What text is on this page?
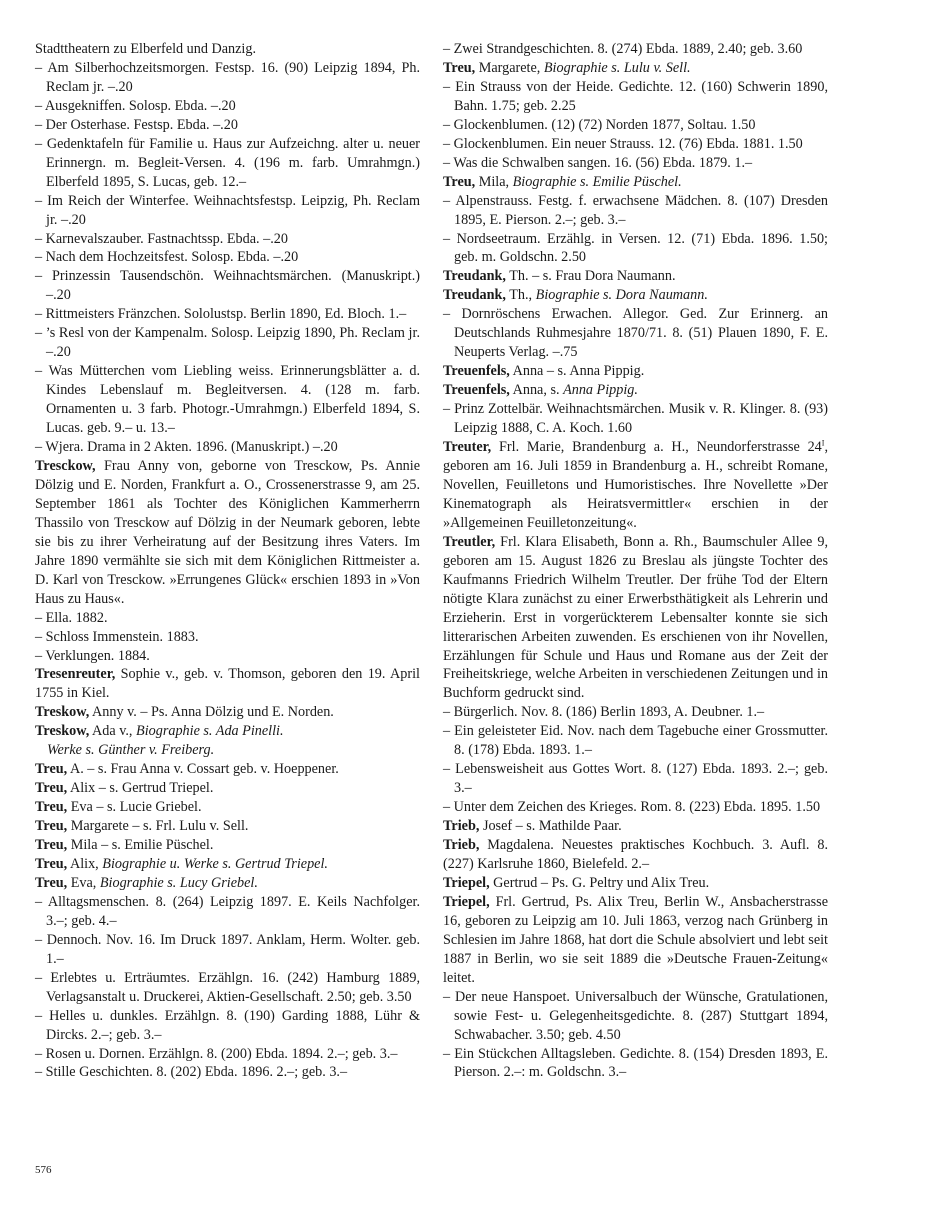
Stadttheatern zu Elberfeld und Danzig.
– Am Silberhochzeitsmorgen. Festsp. 16. (90) Leipzig 1894, Ph. Reclam jr. –.20
– Ausgekniffen. Solosp. Ebda. –.20
– Der Osterhase. Festsp. Ebda. –.20
– Gedenktafeln für Familie u. Haus zur Aufzeichng. alter u. neuer Erinnergn. m. Begleit-Versen. 4. (196 m. farb. Umrahmgn.) Elberfeld 1895, S. Lucas, geb. 12.–
– Im Reich der Winterfee. Weihnachtsfestsp. Leipzig, Ph. Reclam jr. –.20
– Karnevalszauber. Fastnachtssp. Ebda. –.20
– Nach dem Hochzeitsfest. Solosp. Ebda. –.20
– Prinzessin Tausendschön. Weihnachtsmärchen. (Manuskript.) –.20
– Rittmeisters Fränzchen. Sololustsp. Berlin 1890, Ed. Bloch. 1.–
– ’s Resl von der Kampenalm. Solosp. Leipzig 1890, Ph. Reclam jr. –.20
– Was Mütterchen vom Liebling weiss. Erinnerungsblätter a. d. Kindes Lebenslauf m. Begleitversen. 4. (128 m. farb. Ornamenten u. 3 farb. Photogr.-Umrahmgn.) Elberfeld 1894, S. Lucas. geb. 9.– u. 13.–
– Wjera. Drama in 2 Akten. 1896. (Manuskript.) –.20
Tresckow, Frau Anny von, geborne von Tresckow, Ps. Annie Dölzig und E. Norden, Frankfurt a. O., Crossenerstrasse 9, am 25. September 1861 als Tochter des Königlichen Kammerherrn Thassilo von Tresckow auf Dölzig in der Neumark geboren, lebte sie bis zu ihrer Verheiratung auf der Besitzung ihres Vaters. Im Jahre 1890 vermählte sie sich mit dem Königlichen Rittmeister a. D. Karl von Tresckow. »Errungenes Glück« erschien 1893 in »Von Haus zu Haus«.
– Ella. 1882.
– Schloss Immenstein. 1883.
– Verklungen. 1884.
Tresenreuter, Sophie v., geb. v. Thomson, geboren den 19. April 1755 in Kiel.
Treskow, Anny v. – Ps. Anna Dölzig und E. Norden.
Treskow, Ada v., Biographie s. Ada Pinelli.
Werke s. Günther v. Freiberg.
Treu, A. – s. Frau Anna v. Cossart geb. v. Hoeppener.
Treu, Alix – s. Gertrud Triepel.
Treu, Eva – s. Lucie Griebel.
Treu, Margarete – s. Frl. Lulu v. Sell.
Treu, Mila – s. Emilie Püschel.
Treu, Alix, Biographie u. Werke s. Gertrud Triepel.
Treu, Eva, Biographie s. Lucy Griebel.
– Alltagsmenschen. 8. (264) Leipzig 1897. E. Keils Nachfolger. 3.–; geb. 4.–
– Dennoch. Nov. 16. Im Druck 1897. Anklam, Herm. Wolter. geb. 1.–
– Erlebtes u. Erträumtes. Erzählgn. 16. (242) Hamburg 1889, Verlagsanstalt u. Druckerei, Aktien-Gesellschaft. 2.50; geb. 3.50
– Helles u. dunkles. Erzählgn. 8. (190) Garding 1888, Lühr & Dircks. 2.–; geb. 3.–
– Rosen u. Dornen. Erzählgn. 8. (200) Ebda. 1894. 2.–; geb. 3.–
– Stille Geschichten. 8. (202) Ebda. 1896. 2.–; geb. 3.–
– Zwei Strandgeschichten. 8. (274) Ebda. 1889, 2.40; geb. 3.60
Treu, Margarete, Biographie s. Lulu v. Sell.
– Ein Strauss von der Heide. Gedichte. 12. (160) Schwerin 1890, Bahn. 1.75; geb. 2.25
– Glockenblumen. (12) (72) Norden 1877, Soltau. 1.50
– Glockenblumen. Ein neuer Strauss. 12. (76) Ebda. 1881. 1.50
– Was die Schwalben sangen. 16. (56) Ebda. 1879. 1.–
Treu, Mila, Biographie s. Emilie Püschel.
– Alpenstrauss. Festg. f. erwachsene Mädchen. 8. (107) Dresden 1895, E. Pierson. 2.–; geb. 3.–
– Nordseetraum. Erzählg. in Versen. 12. (71) Ebda. 1896. 1.50; geb. m. Goldschn. 2.50
Treudank, Th. – s. Frau Dora Naumann.
Treudank, Th., Biographie s. Dora Naumann.
– Dornröschens Erwachen. Allegor. Ged. Zur Erinnerg. an Deutschlands Ruhmesjahre 1870/71. 8. (51) Plauen 1890, F. E. Neuperts Verlag. –.75
Treuenfels, Anna – s. Anna Pippig.
Treuenfels, Anna, s. Anna Pippig.
– Prinz Zottelbär. Weihnachtsmärchen. Musik v. R. Klinger. 8. (93) Leipzig 1888, C. A. Koch. 1.60
Treuter, Frl. Marie, Brandenburg a. H., Neundorferstrasse $24^I$, geboren am 16. Juli 1859 in Brandenburg a. H., schreibt Romane, Novellen, Feuilletons und Humoristisches. Ihre Novellette »Der Kinematograph als Heiratsvermittler« erschien in der »Allgemeinen Feuilletonzeitung«.
Treutler, Frl. Klara Elisabeth, Bonn a. Rh., Baumschuler Allee 9, geboren am 15. August 1826 zu Breslau als jüngste Tochter des Kaufmanns Friedrich Wilhelm Treutler. Der frühe Tod der Eltern nötigte Klara zunächst zu einer Erwerbsthätigkeit als Lehrerin und Erzieherin. Erst in vorgerückterem Lebensalter konnte sie sich litterarischen Arbeiten zuwenden. Es erschienen von ihr Novellen, Erzählungen für Schule und Haus und Romane aus der Zeit der Freiheitskriege, welche Arbeiten in verschiedenen Zeitungen und in Buchform gedruckt sind.
– Bürgerlich. Nov. 8. (186) Berlin 1893, A. Deubner. 1.–
– Ein geleisteter Eid. Nov. nach dem Tagebuche einer Grossmutter. 8. (178) Ebda. 1893. 1.–
– Lebensweisheit aus Gottes Wort. 8. (127) Ebda. 1893. 2.–; geb. 3.–
– Unter dem Zeichen des Krieges. Rom. 8. (223) Ebda. 1895. 1.50
Trieb, Josef – s. Mathilde Paar.
Trieb, Magdalena. Neuestes praktisches Kochbuch. 3. Aufl. 8. (227) Karlsruhe 1860, Bielefeld. 2.–
Triepel, Gertrud – Ps. G. Peltry und Alix Treu.
Triepel, Frl. Gertrud, Ps. Alix Treu, Berlin W., Ansbacherstrasse 16, geboren zu Leipzig am 10. Juli 1863, verzog nach Grünberg in Schlesien im Jahre 1868, hat dort die Schule absolviert und lebt seit 1887 in Berlin, wo sie seit 1889 die »Deutsche Frauen-Zeitung« leitet.
– Der neue Hanspoet. Universalbuch der Wünsche, Gratulationen, sowie Fest- u. Gelegenheitsgedichte. 8. (287) Stuttgart 1894, Schwabacher. 3.50; geb. 4.50
– Ein Stückchen Alltagsleben. Gedichte. 8. (154) Dresden 1893, E. Pierson. 2.–: m. Goldschn. 3.–
576
